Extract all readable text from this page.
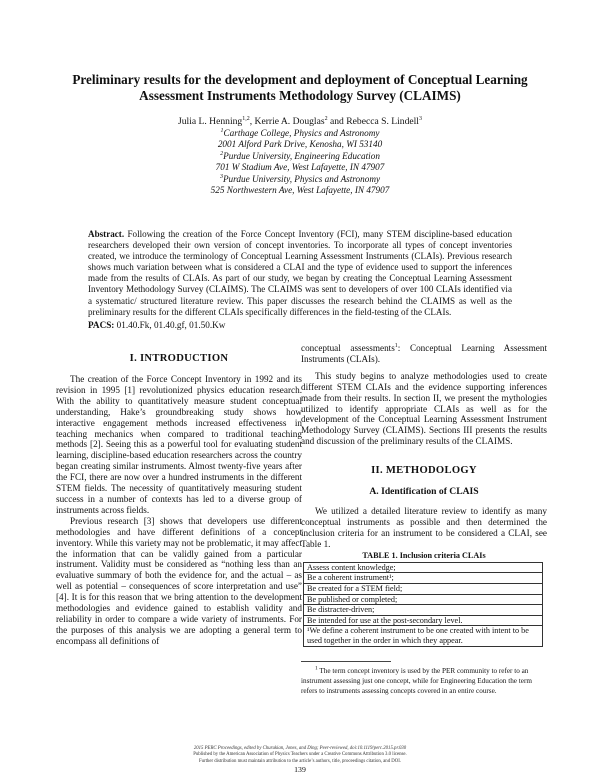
Preliminary results for the development and deployment of Conceptual Learning Assessment Instruments Methodology Survey (CLAIMS)
Julia L. Henning$^{1,2}$, Kerrie A. Douglas$^2$ and Rebecca S. Lindell$^3$
$^1$Carthage College, Physics and Astronomy
2001 Alford Park Drive, Kenosha, WI 53140
$^2$Purdue University, Engineering Education
701 W Stadium Ave, West Lafayette, IN 47907
$^3$Purdue University, Physics and Astronomy
525 Northwestern Ave, West Lafayette, IN 47907

Abstract. Following the creation of the Force Concept Inventory (FCI), many STEM discipline-based education researchers developed their own version of concept inventories. To incorporate all types of concept inventories created, we introduce the terminology of Conceptual Learning Assessment Instruments (CLAIs). Previous research shows much variation between what is considered a CLAI and the type of evidence used to support the inferences made from the results of CLAIs. As part of our study, we began by creating the Conceptual Learning Assessment Inventory Methodology Survey (CLAIMS). The CLAIMS was sent to developers of over 100 CLAIs identified via a systematic/ structured literature review. This paper discusses the research behind the CLAIMS as well as the preliminary results for the different CLAIs specifically differences in the field-testing of the CLAIs.

PACS: 01.40.Fk, 01.40.gf, 01.50.Kw

I. INTRODUCTION

The creation of the Force Concept Inventory in 1992 and its revision in 1995 [1] revolutionized physics education research. With the ability to quantitatively measure student conceptual understanding, Hake’s groundbreaking study shows how interactive engagement methods increased effectiveness in teaching mechanics when compared to traditional teaching methods [2]. Seeing this as a powerful tool for evaluating student learning, discipline-based education researchers across the country began creating similar instruments. Almost twenty-five years after the FCI, there are now over a hundred instruments in the different STEM fields. The necessity of quantitatively measuring student success in a number of contexts has led to a diverse group of instruments across fields.

Previous research [3] shows that developers use different methodologies and have different definitions of a concept inventory. While this variety may not be problematic, it may affect the information that can be validly gained from a particular instrument. Validity must be considered as “nothing less than an evaluative summary of both the evidence for, and the actual – as well as potential – consequences of score interpretation and use” [4]. It is for this reason that we bring attention to the development methodologies and evidence gained to establish validity and reliability in order to compare a wide variety of instruments. For the purposes of this analysis we are adopting a general term to encompass all definitions of

conceptual assessments$^1$: Conceptual Learning Assessment Instruments (CLAIs).

This study begins to analyze methodologies used to create different STEM CLAIs and the evidence supporting inferences made from their results. In section II, we present the mythologies utilized to identify appropriate CLAIs as well as for the development of the Conceptual Learning Assessment Instrument Methodology Survey (CLAIMS). Sections III presents the results and discussion of the preliminary results of the CLAIMS.

II. METHODOLOGY
A. Identification of CLAIS

We utilized a detailed literature review to identify as many conceptual instruments as possible and then determined the inclusion criteria for an instrument to be considered a CLAI, see Table 1.

TABLE 1. Inclusion criteria CLAIs
Assess content knowledge;
Be a coherent instrument¹;
Be created for a STEM field;
Be published or completed;
Be distracter-driven;
Be intended for use at the post-secondary level.
¹We define a coherent instrument to be one created with intent to be used together in the order in which they appear.

$^1$ The term concept inventory is used by the PER community to refer to an instrument assessing just one concept, while for Engineering Education the term refers to instruments assessing concepts covered in an entire course.

2015 PERC Proceedings, edited by Churukian, Jones, and Ding; Peer-reviewed, doi:10.1119/perc.2015.pr.030
Published by the American Association of Physics Teachers under a Creative Commons Attribution 3.0 license.
Further distribution must maintain attribution to the article’s authors, title, proceedings citation, and DOI.
139
